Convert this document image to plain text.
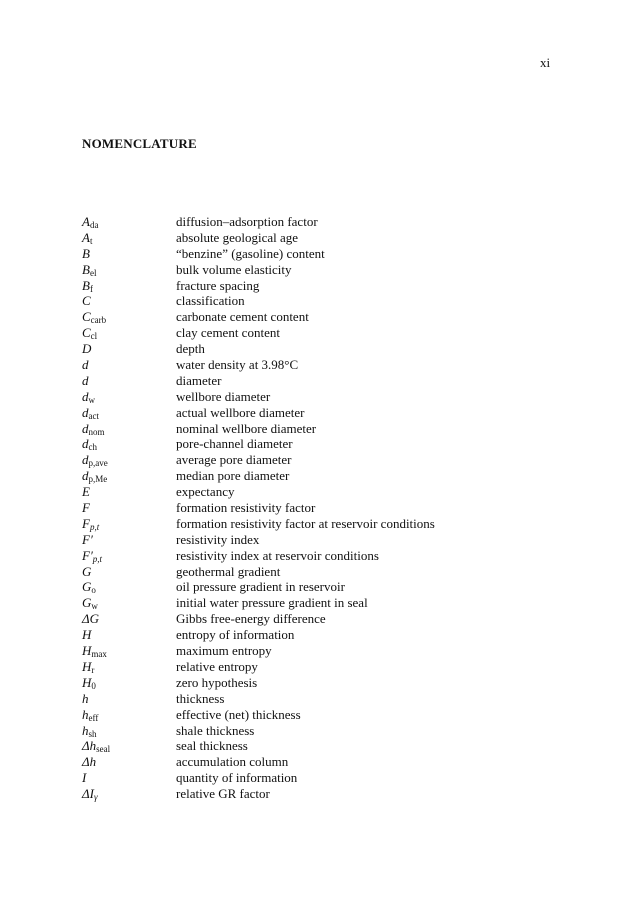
xi
NOMENCLATURE
$A_{da}$	diffusion–adsorption factor
$A_t$	absolute geological age
B	“benzine” (gasoline) content
$B_{el}$	bulk volume elasticity
$B_f$	fracture spacing
C	classification
$C_{carb}$	carbonate cement content
$C_{cl}$	clay cement content
D	depth
d	water density at 3.98°C
d	diameter
$d_w$	wellbore diameter
$d_{act}$	actual wellbore diameter
$d_{nom}$	nominal wellbore diameter
$d_{ch}$	pore-channel diameter
$d_{p,ave}$	average pore diameter
$d_{p,Me}$	median pore diameter
E	expectancy
F	formation resistivity factor
$F_{p,t}$	formation resistivity factor at reservoir conditions
F′	resistivity index
$F'_{p,t}$	resistivity index at reservoir conditions
G	geothermal gradient
$G_o$	oil pressure gradient in reservoir
$G_w$	initial water pressure gradient in seal
ΔG	Gibbs free-energy difference
H	entropy of information
$H_{max}$	maximum entropy
$H_r$	relative entropy
$H_0$	zero hypothesis
h	thickness
$h_{eff}$	effective (net) thickness
$h_{sh}$	shale thickness
$\Delta h_{seal}$	seal thickness
Δh	accumulation column
I	quantity of information
$\Delta I_\gamma$	relative GR factor
